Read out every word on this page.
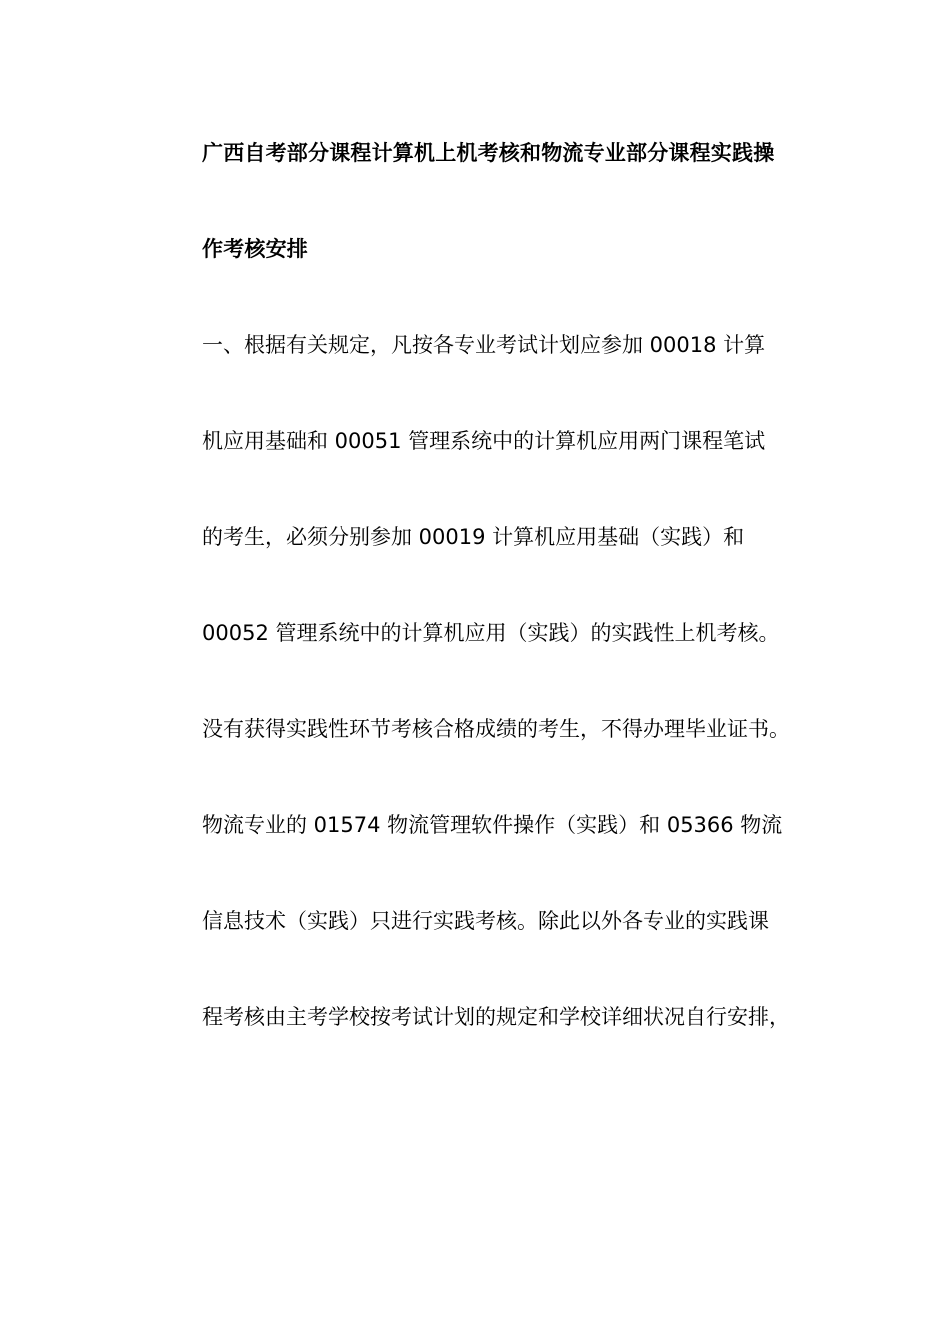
广西自考部分课程计算机上机考核和物流专业部分课程实践操
作考核安排
一、根据有关规定，凡按各专业考试计划应参加 00018 计算
机应用基础和 00051 管理系统中的计算机应用两门课程笔试
的考生，必须分别参加 00019 计算机应用基础（实践）和
00052 管理系统中的计算机应用（实践）的实践性上机考核。
没有获得实践性环节考核合格成绩的考生，不得办理毕业证书。
物流专业的 01574 物流管理软件操作（实践）和 05366 物流
信息技术（实践）只进行实践考核。除此以外各专业的实践课
程考核由主考学校按考试计划的规定和学校详细状况自行安排，
